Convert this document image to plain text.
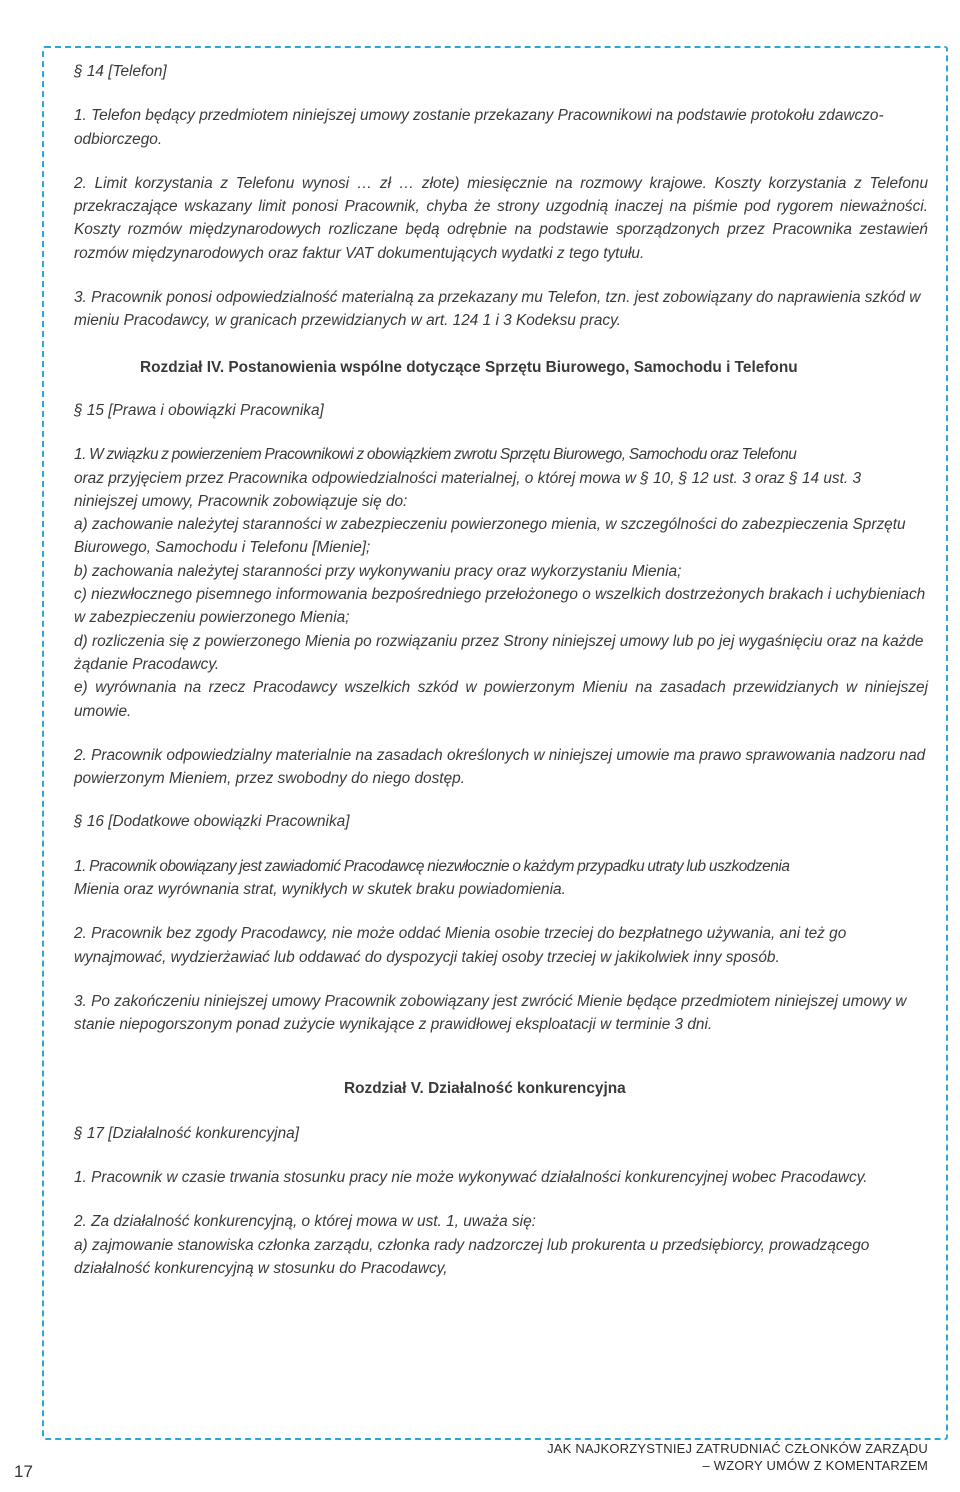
§ 14 [Telefon]

1. Telefon będący przedmiotem niniejszej umowy zostanie przekazany Pracownikowi na podstawie protokołu zdawczo-odbiorczego.

2. Limit korzystania z Telefonu wynosi … zł … złote) miesięcznie na rozmowy krajowe. Koszty korzystania z Telefonu przekraczające wskazany limit ponosi Pracownik, chyba że strony uzgodnią inaczej na piśmie pod rygorem nieważności. Koszty rozmów międzynarodowych rozliczane będą odrębnie na podstawie sporządzonych przez Pracownika zestawień rozmów międzynarodowych oraz faktur VAT dokumentujących wydatki z tego tytułu.

3. Pracownik ponosi odpowiedzialność materialną za przekazany mu Telefon, tzn. jest zobowiązany do naprawienia szkód w mieniu Pracodawcy, w granicach przewidzianych w art. 124 1 i 3 Kodeksu pracy.

Rozdział IV. Postanowienia wspólne dotyczące Sprzętu Biurowego, Samochodu i Telefonu

§ 15 [Prawa i obowiązki Pracownika]

1. W związku z powierzeniem Pracownikowi z obowiązkiem zwrotu Sprzętu Biurowego, Samochodu oraz Telefonu

oraz przyjęciem przez Pracownika odpowiedzialności materialnej, o której mowa w § 10, § 12 ust. 3 oraz § 14 ust. 3 niniejszej umowy, Pracownik zobowiązuje się do:

a) zachowanie należytej staranności w zabezpieczeniu powierzonego mienia, w szczególności do zabezpieczenia Sprzętu Biurowego, Samochodu i Telefonu [Mienie];

b) zachowania należytej staranności przy wykonywaniu pracy oraz wykorzystaniu Mienia;

c) niezwłocznego pisemnego informowania bezpośredniego przełożonego o wszelkich dostrzeżonych brakach i uchybieniach w zabezpieczeniu powierzonego Mienia;

d) rozliczenia się z powierzonego Mienia po rozwiązaniu przez Strony niniejszej umowy lub po jej wygaśnięciu oraz na każde żądanie Pracodawcy.

e) wyrównania na rzecz Pracodawcy wszelkich szkód w powierzonym Mieniu na zasadach przewidzianych w niniejszej umowie.

2. Pracownik odpowiedzialny materialnie na zasadach określonych w niniejszej umowie ma prawo sprawowania nadzoru nad powierzonym Mieniem, przez swobodny do niego dostęp.

§ 16 [Dodatkowe obowiązki Pracownika]

1. Pracownik obowiązany jest zawiadomić Pracodawcę niezwłocznie o każdym przypadku utraty lub uszkodzenia

Mienia oraz wyrównania strat, wynikłych w skutek braku powiadomienia.

2. Pracownik bez zgody Pracodawcy, nie może oddać Mienia osobie trzeciej do bezpłatnego używania, ani też go wynajmować, wydzierżawiać lub oddawać do dyspozycji takiej osoby trzeciej w jakikolwiek inny sposób.

3. Po zakończeniu niniejszej umowy Pracownik zobowiązany jest zwrócić Mienie będące przedmiotem niniejszej umowy w stanie niepogorszonym ponad zużycie wynikające z prawidłowej eksploatacji w terminie 3 dni.

Rozdział V. Działalność konkurencyjna

§ 17 [Działalność konkurencyjna]

1. Pracownik w czasie trwania stosunku pracy nie może wykonywać działalności konkurencyjnej wobec Pracodawcy.

2. Za działalność konkurencyjną, o której mowa w ust. 1, uważa się:

a) zajmowanie stanowiska członka zarządu, członka rady nadzorczej lub prokurenta u przedsiębiorcy, prowadzącego działalność konkurencyjną w stosunku do Pracodawcy,

17
JAK NAJKORZYSTNIEJ ZATRUDNIAĆ CZŁONKÓW ZARZĄDU
– WZORY UMÓW Z KOMENTARZEM
